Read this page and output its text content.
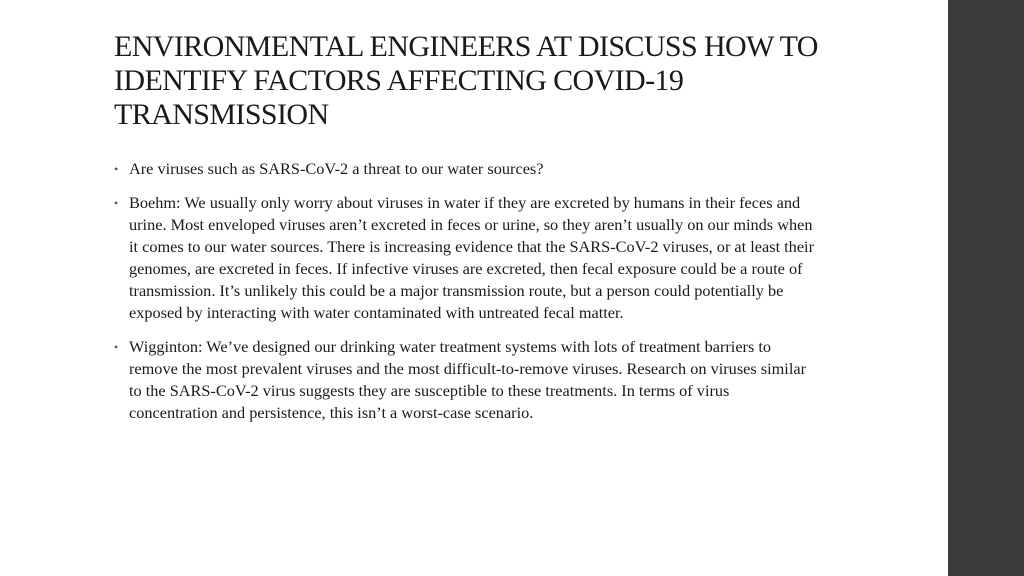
ENVIRONMENTAL ENGINEERS AT DISCUSS HOW TO IDENTIFY FACTORS AFFECTING COVID-19 TRANSMISSION
• Are viruses such as SARS-CoV-2 a threat to our water sources?
• Boehm: We usually only worry about viruses in water if they are excreted by humans in their feces and urine. Most enveloped viruses aren’t excreted in feces or urine, so they aren’t usually on our minds when it comes to our water sources. There is increasing evidence that the SARS-CoV-2 viruses, or at least their genomes, are excreted in feces. If infective viruses are excreted, then fecal exposure could be a route of transmission. It’s unlikely this could be a major transmission route, but a person could potentially be exposed by interacting with water contaminated with untreated fecal matter.
• Wigginton: We’ve designed our drinking water treatment systems with lots of treatment barriers to remove the most prevalent viruses and the most difficult-to-remove viruses. Research on viruses similar to the SARS-CoV-2 virus suggests they are susceptible to these treatments. In terms of virus concentration and persistence, this isn’t a worst-case scenario.
